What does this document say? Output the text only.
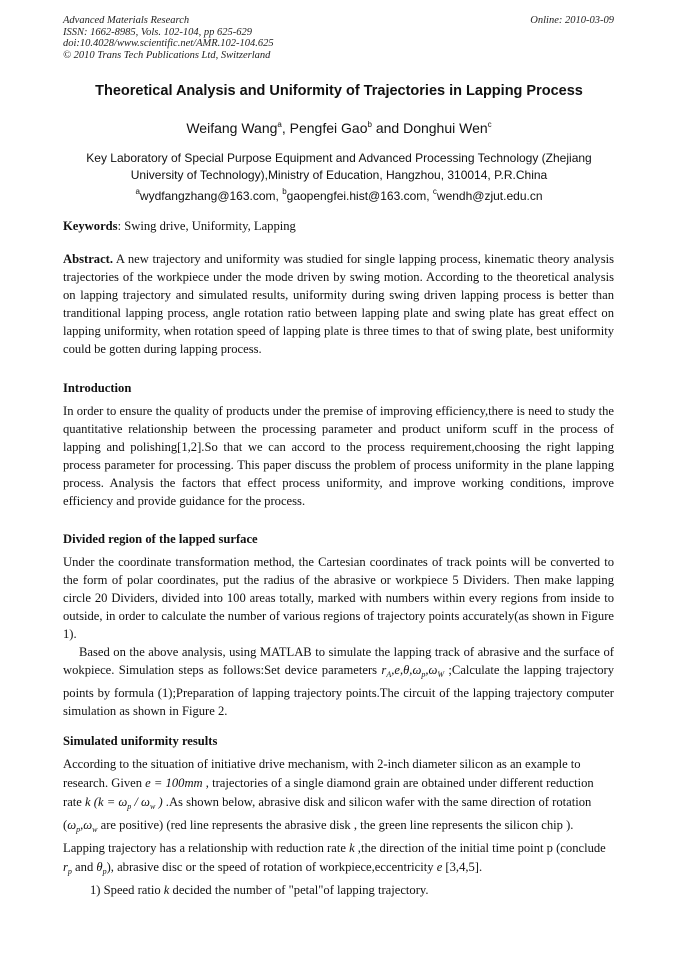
Advanced Materials Research
ISSN: 1662-8985, Vols. 102-104, pp 625-629
doi:10.4028/www.scientific.net/AMR.102-104.625
© 2010 Trans Tech Publications Ltd, Switzerland
Online: 2010-03-09
Theoretical Analysis and Uniformity of Trajectories in Lapping Process
Weifang Wang$^a$, Pengfei Gao$^b$ and Donghui Wen$^c$
Key Laboratory of Special Purpose Equipment and Advanced Processing Technology (Zhejiang University of Technology),Ministry of Education, Hangzhou, 310014, P.R.China
$^a$wydfangzhang@163.com, $^b$gaopengfei.hist@163.com, $^c$wendh@zjut.edu.cn
Keywords: Swing drive, Uniformity, Lapping
Abstract. A new trajectory and uniformity was studied for single lapping process, kinematic theory analysis trajectories of the workpiece under the mode driven by swing motion. According to the theoretical analysis on lapping trajectory and simulated results, uniformity during swing driven lapping process is better than tranditional lapping process, angle rotation ratio between lapping plate and swing plate has great effect on lapping uniformity, when rotation speed of lapping plate is three times to that of swing plate, best uniformity could be gotten during lapping process.
Introduction
In order to ensure the quality of products under the premise of improving efficiency,there is need to study the quantitative relationship between the processing parameter and product uniform scuff in the process of lapping and polishing[1,2].So that we can accord to the process requirement,choosing the right lapping process parameter for processing. This paper discuss the problem of process uniformity in the plane lapping process. Analysis the factors that effect process uniformity, and improve working conditions, improve efficiency and provide guidance for the process.
Divided region of the lapped surface
Under the coordinate transformation method, the Cartesian coordinates of track points will be converted to the form of polar coordinates, put the radius of the abrasive or workpiece 5 Dividers. Then make lapping circle 20 Dividers, divided into 100 areas totally, marked with numbers within every regions from inside to outside, in order to calculate the number of various regions of trajectory points accurately(as shown in Figure 1).
Based on the above analysis, using MATLAB to simulate the lapping track of abrasive and the surface of wokpiece. Simulation steps as follows:Set device parameters $r_A,e,\theta,\omega_p,\omega_W$ ;Calculate the lapping trajectory points by formula (1);Preparation of lapping trajectory points.The circuit of the lapping trajectory computer simulation as shown in Figure 2.
Simulated uniformity results
According to the situation of initiative drive mechanism, with 2-inch diameter silicon as an example to research. Given e = 100mm , trajectories of a single diamond grain are obtained under different reduction rate k ($k = \omega_p / \omega_w$ ) .As shown below, abrasive disk and silicon wafer with the same direction of rotation ($\omega_p,\omega_w$ are positive) (red line represents the abrasive disk , the green line represents the silicon chip ). Lapping trajectory has a relationship with reduction rate k ,the direction of the initial time point p (conclude $r_p$ and $\theta_p$), abrasive disc or the speed of rotation of workpiece,eccentricity e [3,4,5].
1) Speed ratio k decided the number of "petal"of lapping trajectory.
